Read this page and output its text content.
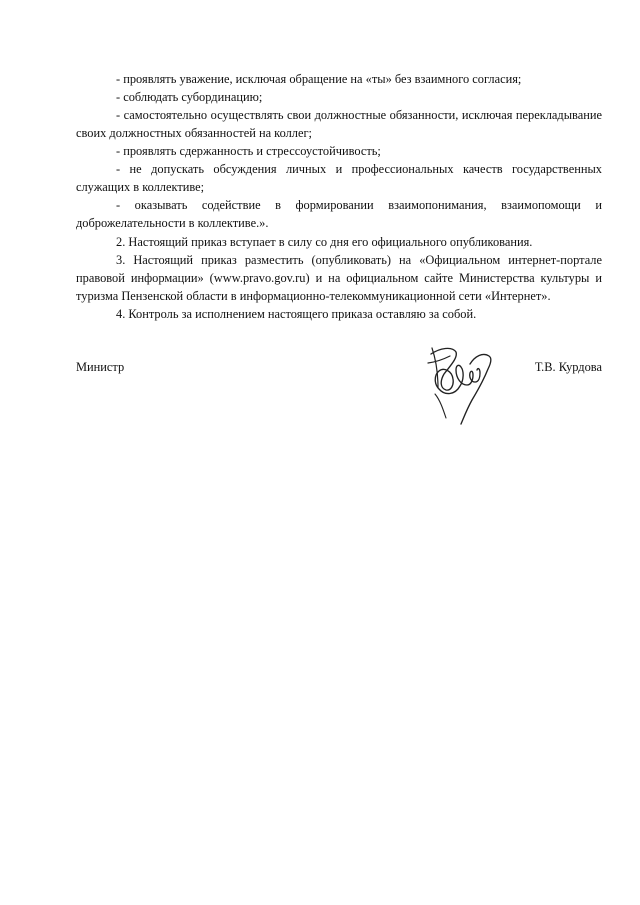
- проявлять уважение, исключая обращение на «ты» без взаимного согласия;

- соблюдать субординацию;

- самостоятельно осуществлять свои должностные обязанности, исключая перекладывание своих должностных обязанностей на коллег;

- проявлять сдержанность и стрессоустойчивость;

- не допускать обсуждения личных и профессиональных качеств государственных служащих в коллективе;

- оказывать содействие в формировании взаимопонимания, взаимопомощи и доброжелательности в коллективе.».

2. Настоящий приказ вступает в силу со дня его официального опубликования.

3. Настоящий приказ разместить (опубликовать) на «Официальном интернет-портале правовой информации» (www.pravo.gov.ru) и на официальном сайте Министерства культуры и туризма Пензенской области в информационно-телекоммуникационной сети «Интернет».

4. Контроль за исполнением настоящего приказа оставляю за собой.

Министр	Т.В. Курдова
